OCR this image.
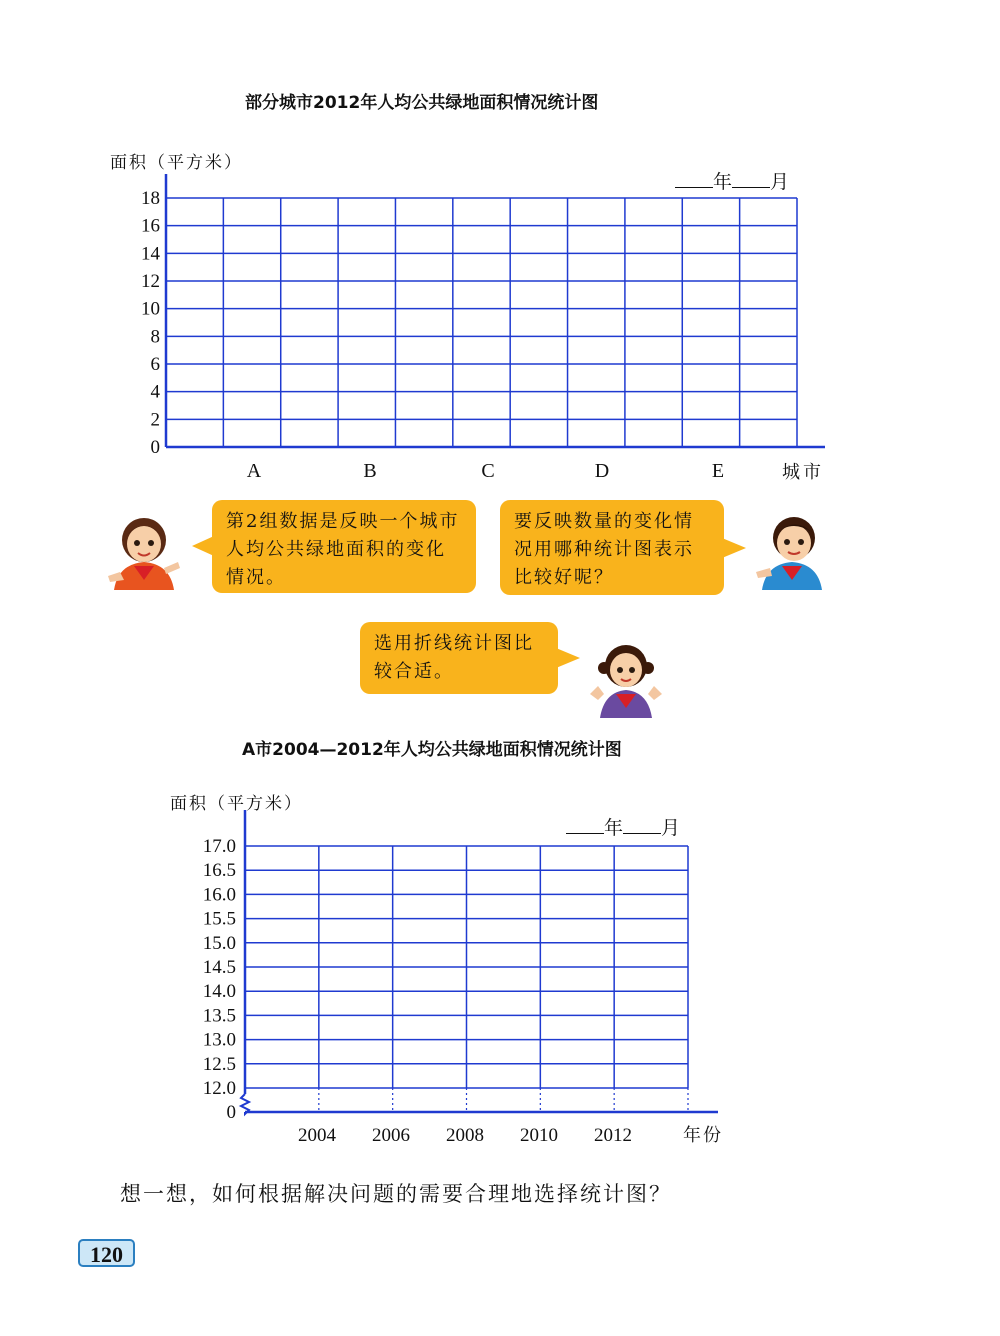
部分城市2012年人均公共绿地面积情况统计图
面积（平方米）
年 月
0
2
4
6
8
10
12
14
16
18
A	B	C	D	E	城市
第2组数据是反映一个城市人均公共绿地面积的变化情况。
要反映数量的变化情况用哪种统计图表示比较好呢？
选用折线统计图比较合适。
A市2004—2012年人均公共绿地面积情况统计图
面积（平方米）
年 月
0
12.0
12.5
13.0
13.5
14.0
14.5
15.0
15.5
16.0
16.5
17.0
2004 2006 2008 2010 2012	年份
想一想，如何根据解决问题的需要合理地选择统计图？
120
